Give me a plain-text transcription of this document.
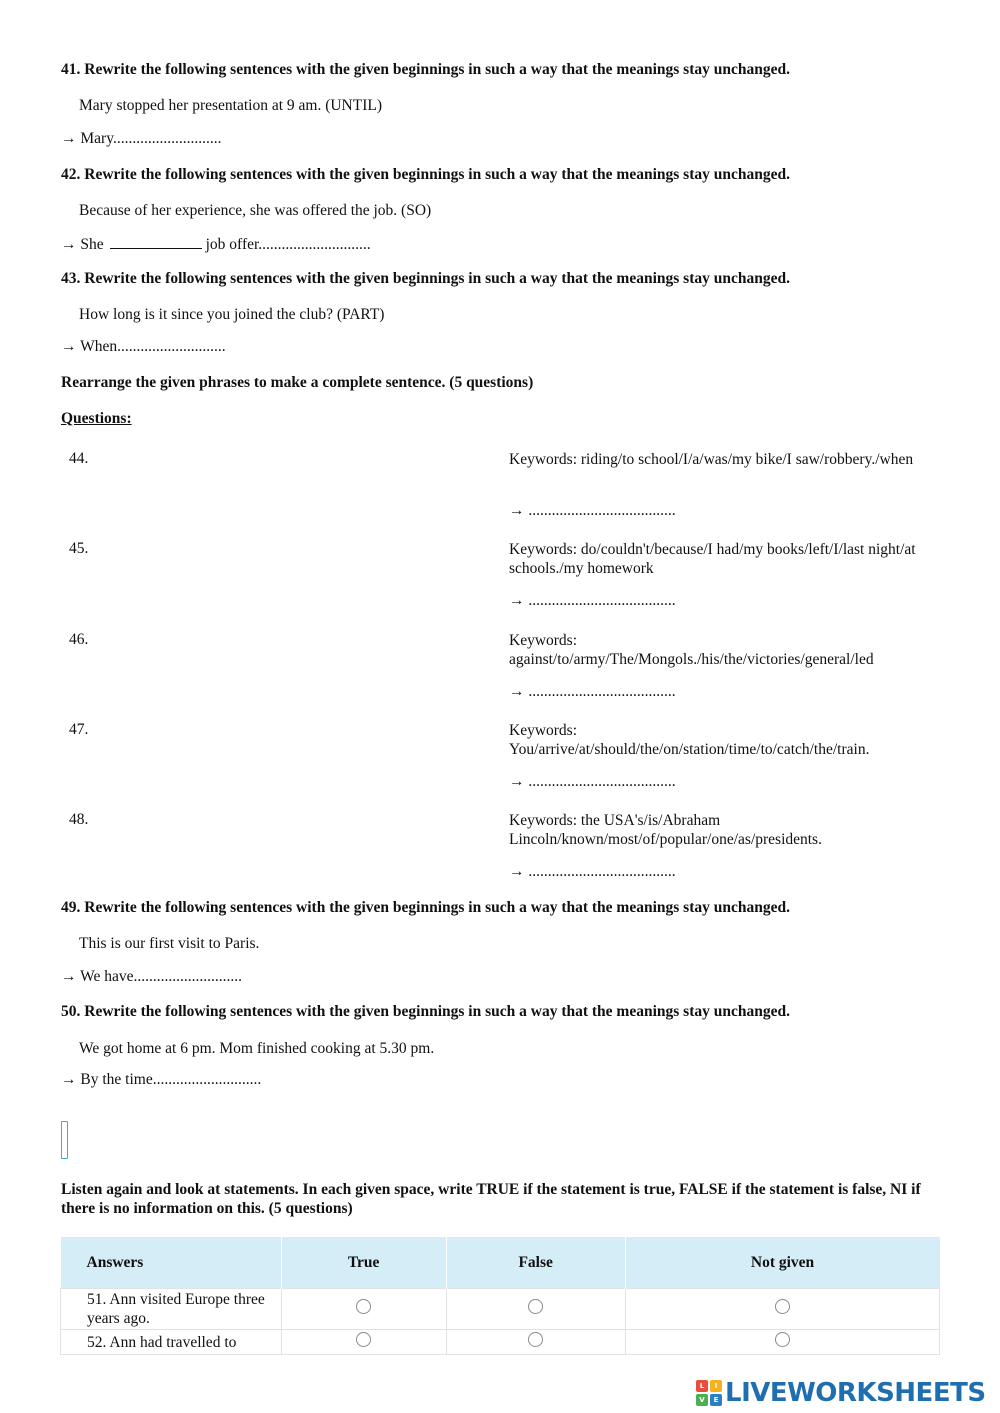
41. Rewrite the following sentences with the given beginnings in such a way that the meanings stay unchanged.

Mary stopped her presentation at 9 am. (UNTIL)
→ Mary............................

42. Rewrite the following sentences with the given beginnings in such a way that the meanings stay unchanged.

Because of her experience, she was offered the job. (SO)
→ She	job offer.............................

43. Rewrite the following sentences with the given beginnings in such a way that the meanings stay unchanged.

How long is it since you joined the club? (PART)
→ When............................
Rearrange the given phrases to make a complete sentence. (5 questions)
Questions:
44.	Keywords: riding/to school/I/a/was/my bike/I saw/robbery./when
→ ......................................
45.	Keywords: do/couldn't/because/I had/my books/left/I/last night/at schools./my homework
→ ......................................
46.	Keywords: against/to/army/The/Mongols./his/the/victories/general/led
→ ......................................
47.	Keywords: You/arrive/at/should/the/on/station/time/to/catch/the/train.
→ ......................................
48.	Keywords: the USA's/is/Abraham Lincoln/known/most/of/popular/one/as/presidents.
→ ......................................

49. Rewrite the following sentences with the given beginnings in such a way that the meanings stay unchanged.

This is our first visit to Paris.
→ We have............................

50. Rewrite the following sentences with the given beginnings in such a way that the meanings stay unchanged.

We got home at 6 pm. Mom finished cooking at 5.30 pm.
→ By the time............................
Listen again and look at statements. In each given space, write TRUE if the statement is true, FALSE if the statement is false, NI if there is no information on this. (5 questions)
Answers	True	False	Not given
51. Ann visited Europe three years ago.			
52. Ann had travelled to			
L	I
V	E LIVEWORKSHEETS
